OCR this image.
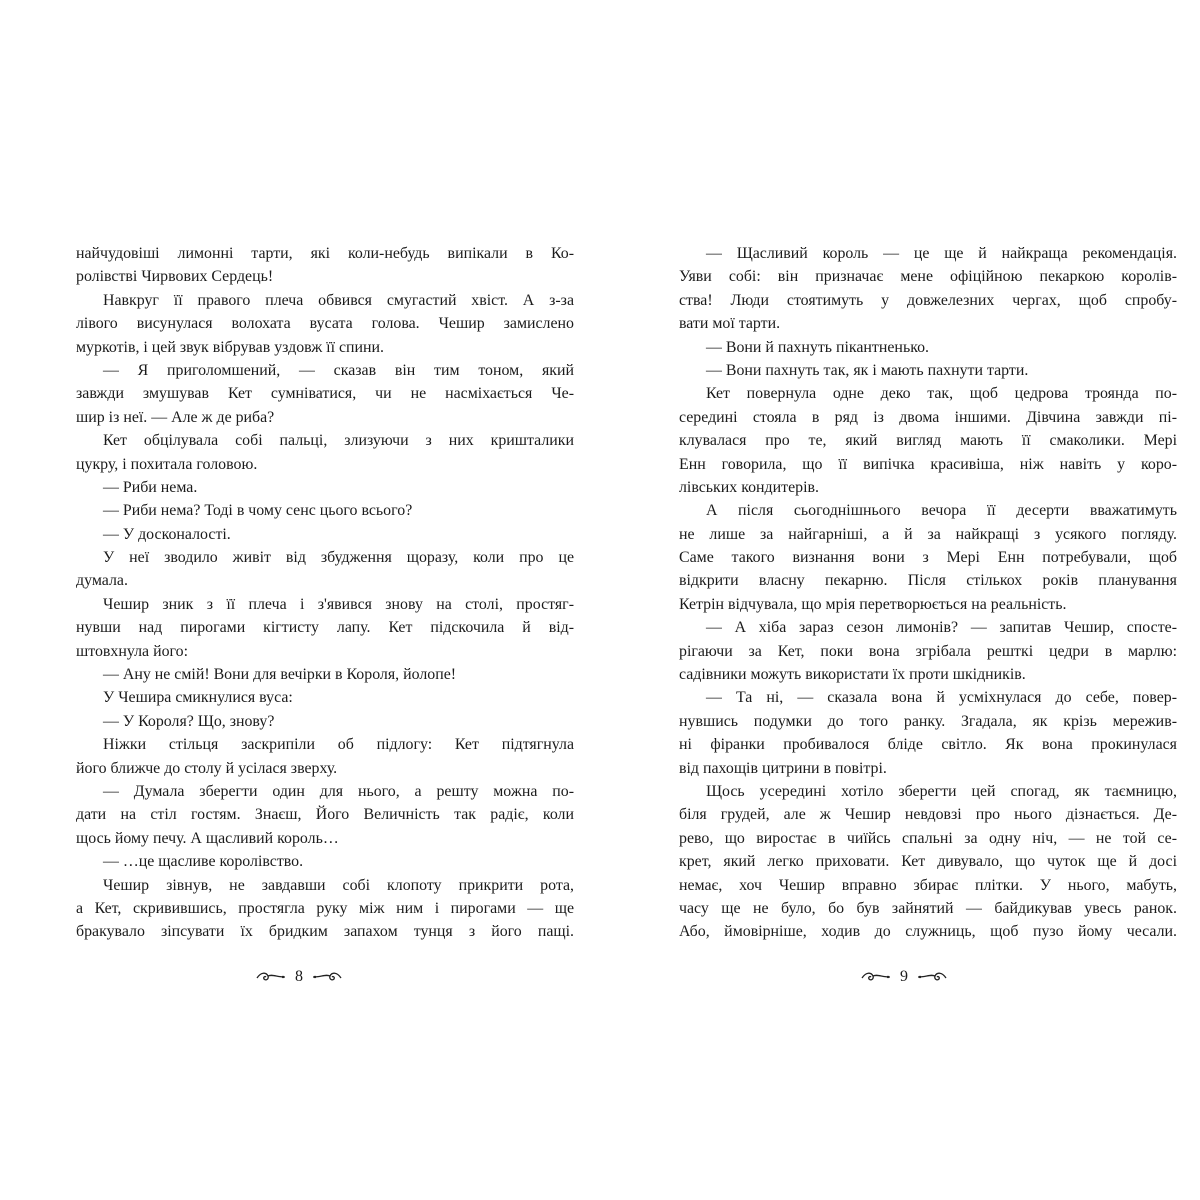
найчудовіші лимонні тарти, які коли-небудь випікали в Ко-
ролівстві Чирвових Сердець!
Навкруг її правого плеча обвився смугастий хвіст. А з-за
лівого висунулася волохата вусата голова. Чешир замислено
муркотів, і цей звук вібрував уздовж її спини.
— Я приголомшений, — сказав він тим тоном, який
завжди змушував Кет сумніватися, чи не насміхається Че-
шир із неї. — Але ж де риба?
Кет обцілувала собі пальці, злизуючи з них кришталики
цукру, і похитала головою.
— Риби нема.
— Риби нема? Тоді в чому сенс цього всього?
— У досконалості.
У неї зводило живіт від збудження щоразу, коли про це
думала.
Чешир зник з її плеча і з'явився знову на столі, простяг-
нувши над пирогами кігтисту лапу. Кет підскочила й від-
штовхнула його:
— Ану не смій! Вони для вечірки в Короля, йолопе!
У Чешира смикнулися вуса:
— У Короля? Що, знову?
Ніжки стільця заскрипіли об підлогу: Кет підтягнула
його ближче до столу й усілася зверху.
— Думала зберегти один для нього, а решту можна по-
дати на стіл гостям. Знаєш, Його Величність так радіє, коли
щось йому печу. А щасливий король…
— …це щасливе королівство.
Чешир зівнув, не завдавши собі клопоту прикрити рота,
а Кет, скривившись, простягла руку між ним і пирогами — ще
бракувало зіпсувати їх бридким запахом тунця з його пащі.
— Щасливий король — це ще й найкраща рекомендація.
Уяви собі: він призначає мене офіційною пекаркою королів-
ства! Люди стоятимуть у довжелезних чергах, щоб спробу-
вати мої тарти.
— Вони й пахнуть пікантненько.
— Вони пахнуть так, як і мають пахнути тарти.
Кет повернула одне деко так, щоб цедрова троянда по-
середині стояла в ряд із двома іншими. Дівчина завжди пі-
клувалася про те, який вигляд мають її смаколики. Мері
Енн говорила, що її випічка красивіша, ніж навіть у коро-
лівських кондитерів.
А після сьогоднішнього вечора її десерти вважатимуть
не лише за найгарніші, а й за найкращі з усякого погляду.
Саме такого визнання вони з Мері Енн потребували, щоб
відкрити власну пекарню. Після стількох років планування
Кетрін відчувала, що мрія перетворюється на реальність.
— А хіба зараз сезон лимонів? — запитав Чешир, спосте-
рігаючи за Кет, поки вона згрібала решткі цедри в марлю:
садівники можуть використати їх проти шкідників.
— Та ні, — сказала вона й усміхнулася до себе, повер-
нувшись подумки до того ранку. Згадала, як крізь мережив-
ні фіранки пробивалося бліде світло. Як вона прокинулася
від пахощів цитрини в повітрі.
Щось усередині хотіло зберегти цей спогад, як таємницю,
біля грудей, але ж Чешир невдовзі про нього дізнається. Де-
рево, що виростає в чиїйсь спальні за одну ніч, — не той се-
крет, який легко приховати. Кет дивувало, що чуток ще й досі
немає, хоч Чешир вправно збирає плітки. У нього, мабуть,
часу ще не було, бо був зайнятий — байдикував увесь ранок.
Або, ймовірніше, ходив до служниць, щоб пузо йому чесали.
8	9
